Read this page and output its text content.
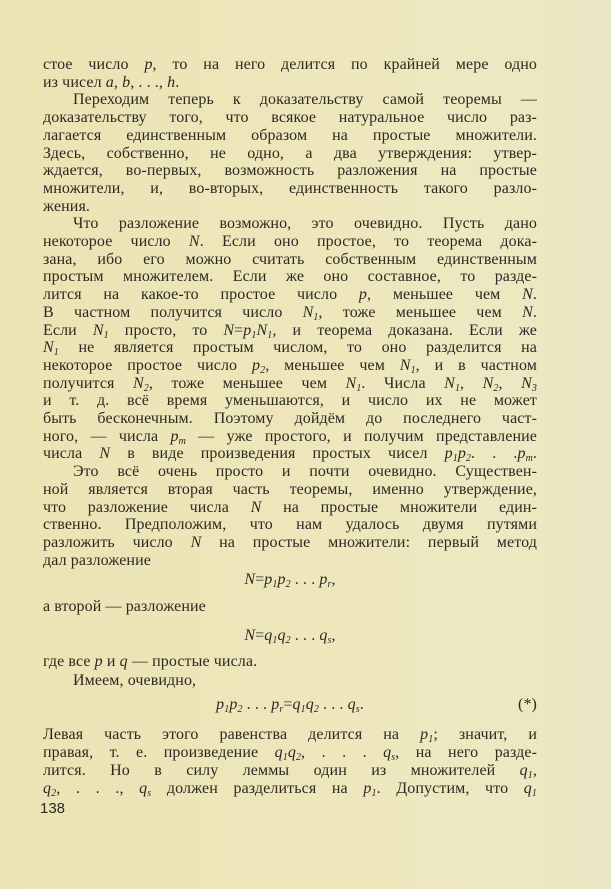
стое число p, то на него делится по крайней мере одно
из чисел a, b, . . ., h.
Переходим теперь к доказательству самой теоремы —
доказательству того, что всякое натуральное число раз-
лагается единственным образом на простые множители.
Здесь, собственно, не одно, а два утверждения: утвер-
ждается, во-первых, возможность разложения на простые
множители, и, во-вторых, единственность такого разло-
жения.
Что разложение возможно, это очевидно. Пусть дано
некоторое число N. Если оно простое, то теорема дока-
зана, ибо его можно считать собственным единственным
простым множителем. Если же оно составное, то разде-
лится на какое-то простое число p, меньшее чем N.
В частном получится число $N_1$, тоже меньшее чем N.
Если $N_1$ просто, то $N=p_1N_1$, и теорема доказана. Если же
$N_1$ не является простым числом, то оно разделится на
некоторое простое число $p_2$, меньшее чем $N_1$, и в частном
получится $N_2$, тоже меньшее чем $N_1$. Числа $N_1$, $N_2$, $N_3$
и т. д. всё время уменьшаются, и число их не может
быть бесконечным. Поэтому дойдём до последнего част-
ного, — числа $p_m$ — уже простого, и получим представление
числа N в виде произведения простых чисел $p_1p_2$. . $.p_m$.
Это всё очень просто и почти очевидно. Существен-
ной является вторая часть теоремы, именно утверждение,
что разложение числа N на простые множители един-
ственно. Предположим, что нам удалось двумя путями
разложить число N на простые множители: первый метод
дал разложение
$N=p_1p_2$ . . . $p_r$,
а второй — разложение
$N=q_1q_2$ . . . $q_s$,
где все p и q — простые числа.
Имеем, очевидно,
$p_1p_2$ . . . $p_r=q_1q_2$ . . . $q_s$.	(*)
Левая часть этого равенства делится на $p_1$; значит, и
правая, т. е. произведение $q_1q_2$, . . . $q_s$, на него разде-
лится. Но в силу леммы один из множителей $q_1$,
$q_2$, . . ., $q_s$ должен разделиться на $p_1$. Допустим, что $q_1$
138
